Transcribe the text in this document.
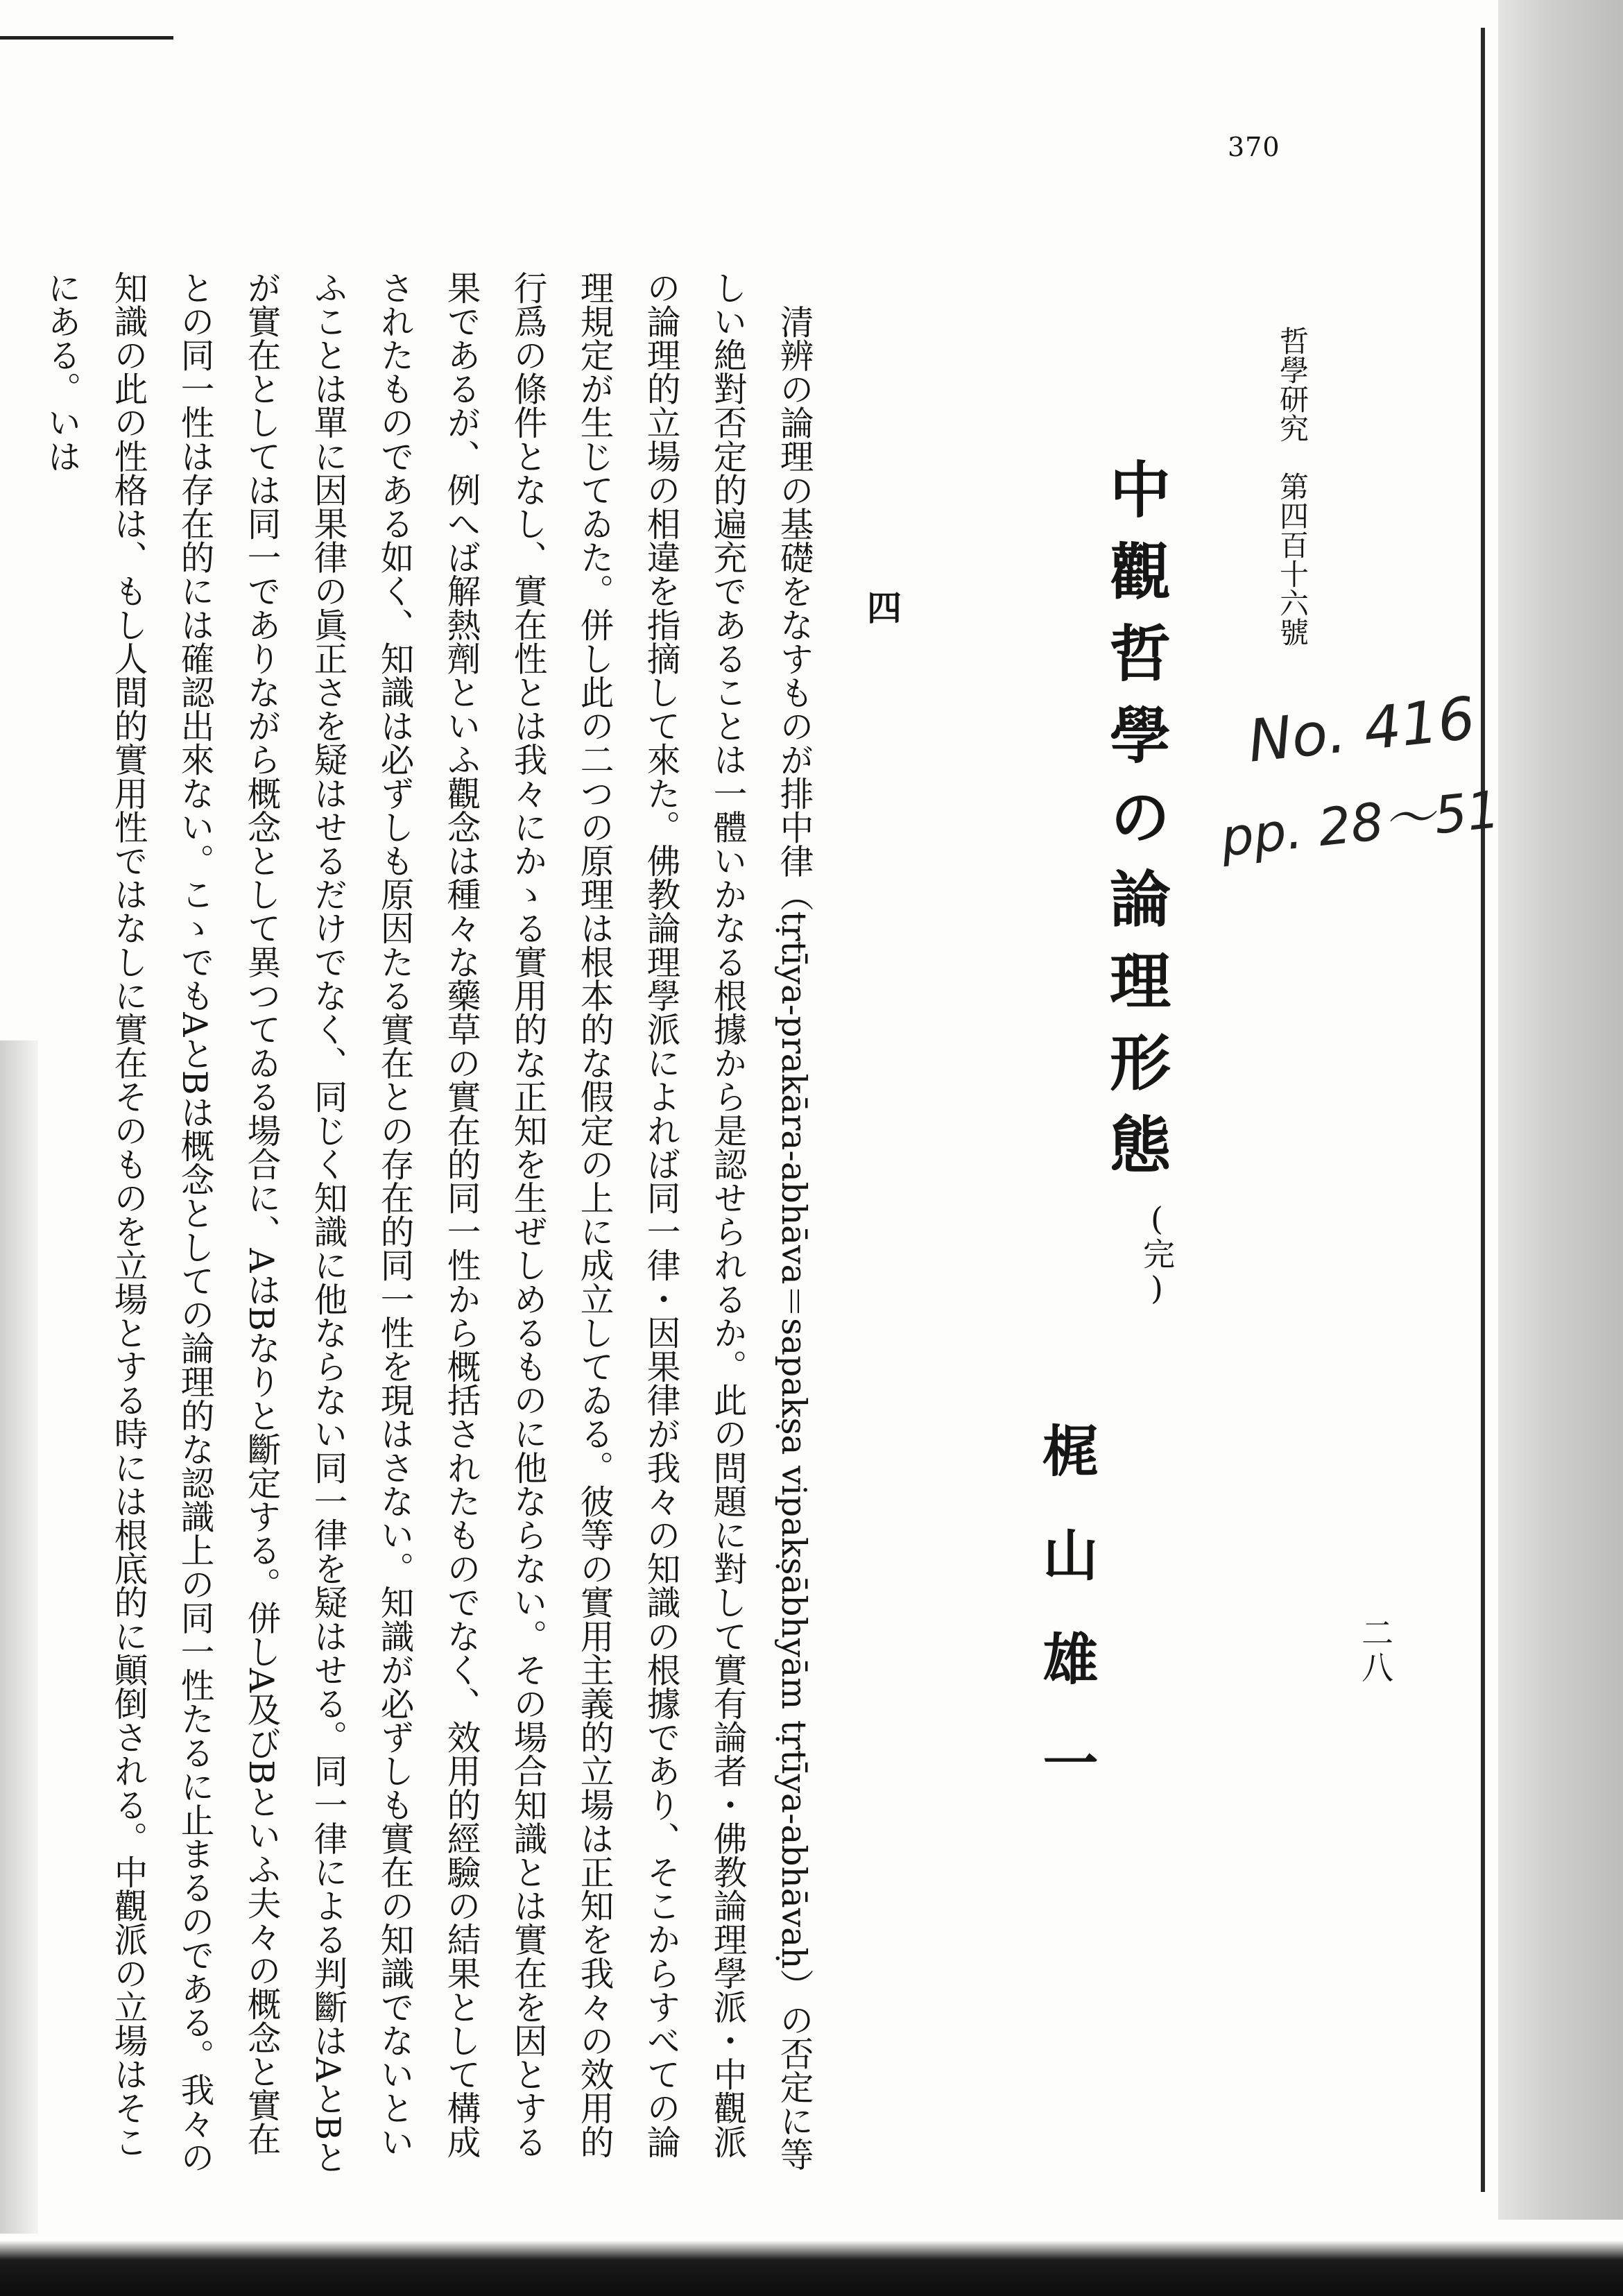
370
哲學研究　第四百十六號
中觀哲學の論理形態
(完)
梶山雄一	二八
No. 416
pp. 28～51
四

清辨の論理の基礎をなすものが排中律（tṛtīya-prakāra-abhāva＝sapakṣa vipakṣābhyām tṛtīya-abhāvaḥ）の否定に等しい絶對否定的遍充であることは一體いかなる根據から是認せられるか。此の問題に對して實有論者・佛教論理學派・中觀派の論理的立場の相違を指摘して來た。佛教論理學派によれば同一律・因果律が我々の知識の根據であり、そこからすべての論理規定が生じてゐた。併し此の二つの原理は根本的な假定の上に成立してゐる。彼等の實用主義的立場は正知を我々の效用的行爲の條件となし、實在性とは我々にかゝる實用的な正知を生ぜしめるものに他ならない。その場合知識とは實在を因とする果であるが、例へば解熱劑といふ觀念は種々な藥草の實在的同一性から概括されたものでなく、效用的經驗の結果として構成されたものである如く、知識は必ずしも原因たる實在との存在的同一性を現はさない。知識が必ずしも實在の知識でないといふことは單に因果律の眞正さを疑はせるだけでなく、同じく知識に他ならない同一律を疑はせる。同一律による判斷はAとBとが實在としては同一でありながら概念として異つてゐる場合に、AはBなりと斷定する。併しA及びBといふ夫々の概念と實在との同一性は存在的には確認出來ない。こゝでもAとBは概念としての論理的な認識上の同一性たるに止まるのである。我々の知識の此の性格は、もし人間的實用性ではなしに實在そのものを立場とする時には根底的に顚倒される。中觀派の立場はそこにある。いは
